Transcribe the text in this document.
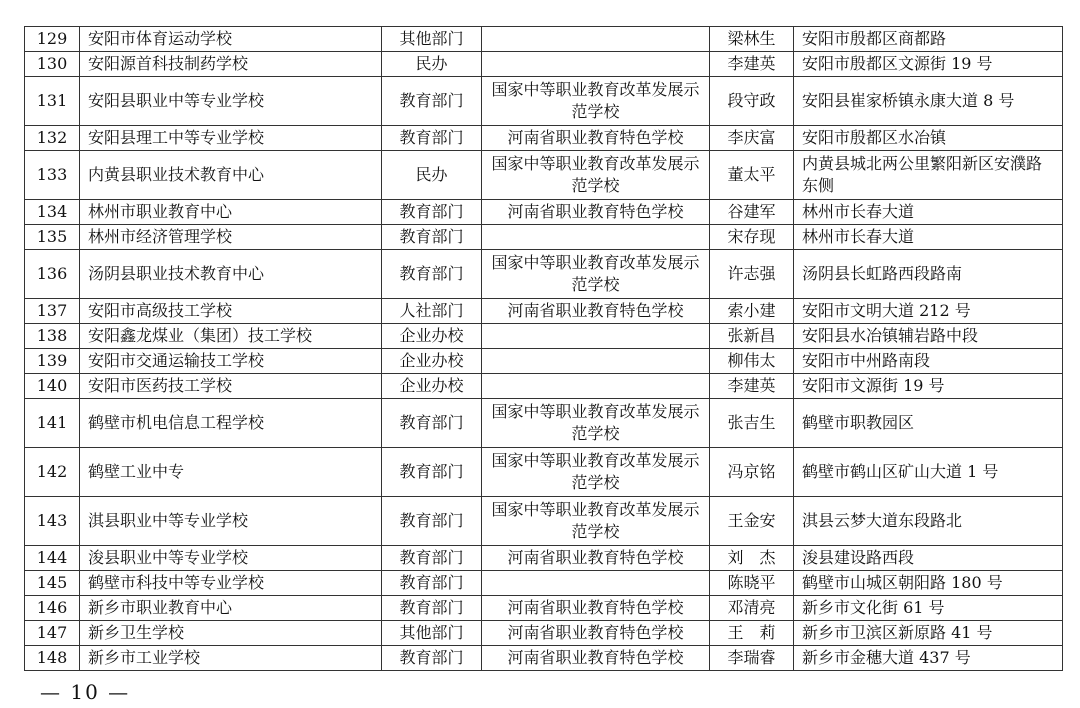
129	安阳市体育运动学校	其他部门		梁林生	安阳市殷都区商都路
130	安阳源首科技制药学校	民办		李建英	安阳市殷都区文源街 19 号
131	安阳县职业中等专业学校	教育部门	国家中等职业教育改革发展示范学校	段守政	安阳县崔家桥镇永康大道 8 号
132	安阳县理工中等专业学校	教育部门	河南省职业教育特色学校	李庆富	安阳市殷都区水冶镇
133	内黄县职业技术教育中心	民办	国家中等职业教育改革发展示范学校	董太平	内黄县城北两公里繁阳新区安濮路东侧
134	林州市职业教育中心	教育部门	河南省职业教育特色学校	谷建军	林州市长春大道
135	林州市经济管理学校	教育部门		宋存现	林州市长春大道
136	汤阴县职业技术教育中心	教育部门	国家中等职业教育改革发展示范学校	许志强	汤阴县长虹路西段路南
137	安阳市高级技工学校	人社部门	河南省职业教育特色学校	索小建	安阳市文明大道 212 号
138	安阳鑫龙煤业（集团）技工学校	企业办校		张新昌	安阳县水冶镇辅岩路中段
139	安阳市交通运输技工学校	企业办校		柳伟太	安阳市中州路南段
140	安阳市医药技工学校	企业办校		李建英	安阳市文源街 19 号
141	鹤壁市机电信息工程学校	教育部门	国家中等职业教育改革发展示范学校	张吉生	鹤壁市职教园区
142	鹤壁工业中专	教育部门	国家中等职业教育改革发展示范学校	冯京铭	鹤壁市鹤山区矿山大道 1 号
143	淇县职业中等专业学校	教育部门	国家中等职业教育改革发展示范学校	王金安	淇县云梦大道东段路北
144	浚县职业中等专业学校	教育部门	河南省职业教育特色学校	刘　杰	浚县建设路西段
145	鹤壁市科技中等专业学校	教育部门		陈晓平	鹤壁市山城区朝阳路 180 号
146	新乡市职业教育中心	教育部门	河南省职业教育特色学校	邓清亮	新乡市文化街 61 号
147	新乡卫生学校	其他部门	河南省职业教育特色学校	王　莉	新乡市卫滨区新原路 41 号
148	新乡市工业学校	教育部门	河南省职业教育特色学校	李瑞睿	新乡市金穗大道 437 号
— 10 —
